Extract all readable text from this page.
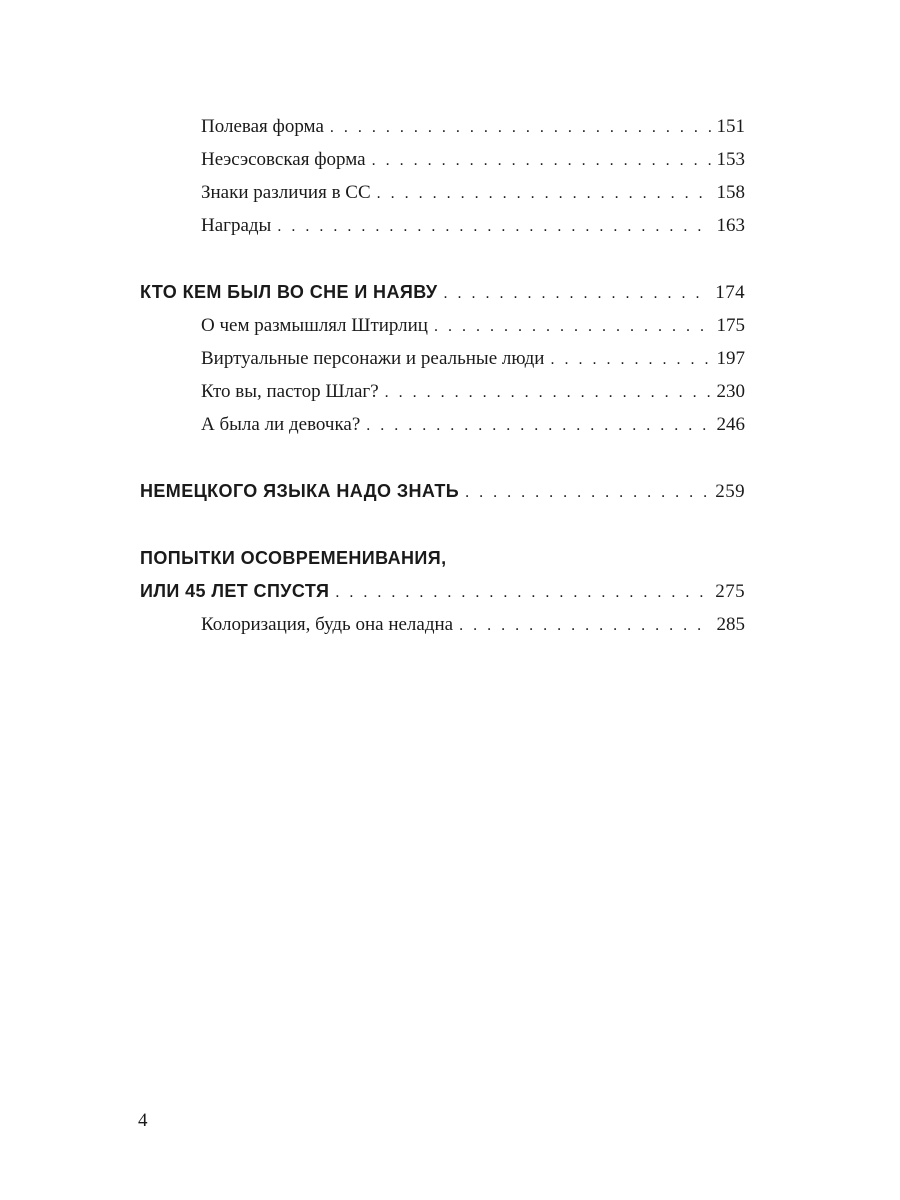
Полевая форма . . .	151
Неэсэсовская форма . . .	153
Знаки различия в СС . . .	158
Награды . . .	163
КТО КЕМ БЫЛ ВО СНЕ И НАЯВУ . . .	174
О чем размышлял Штирлиц . . .	175
Виртуальные персонажи и реальные люди . . .	197
Кто вы, пастор Шлаг? . . .	230
А была ли девочка? . . .	246
НЕМЕЦКОГО ЯЗЫКА НАДО ЗНАТЬ . . .	259
ПОПЫТКИ ОСОВРЕМЕНИВАНИЯ,
ИЛИ 45 ЛЕТ СПУСТЯ . . .	275
Колоризация, будь она неладна . . .	285
4
